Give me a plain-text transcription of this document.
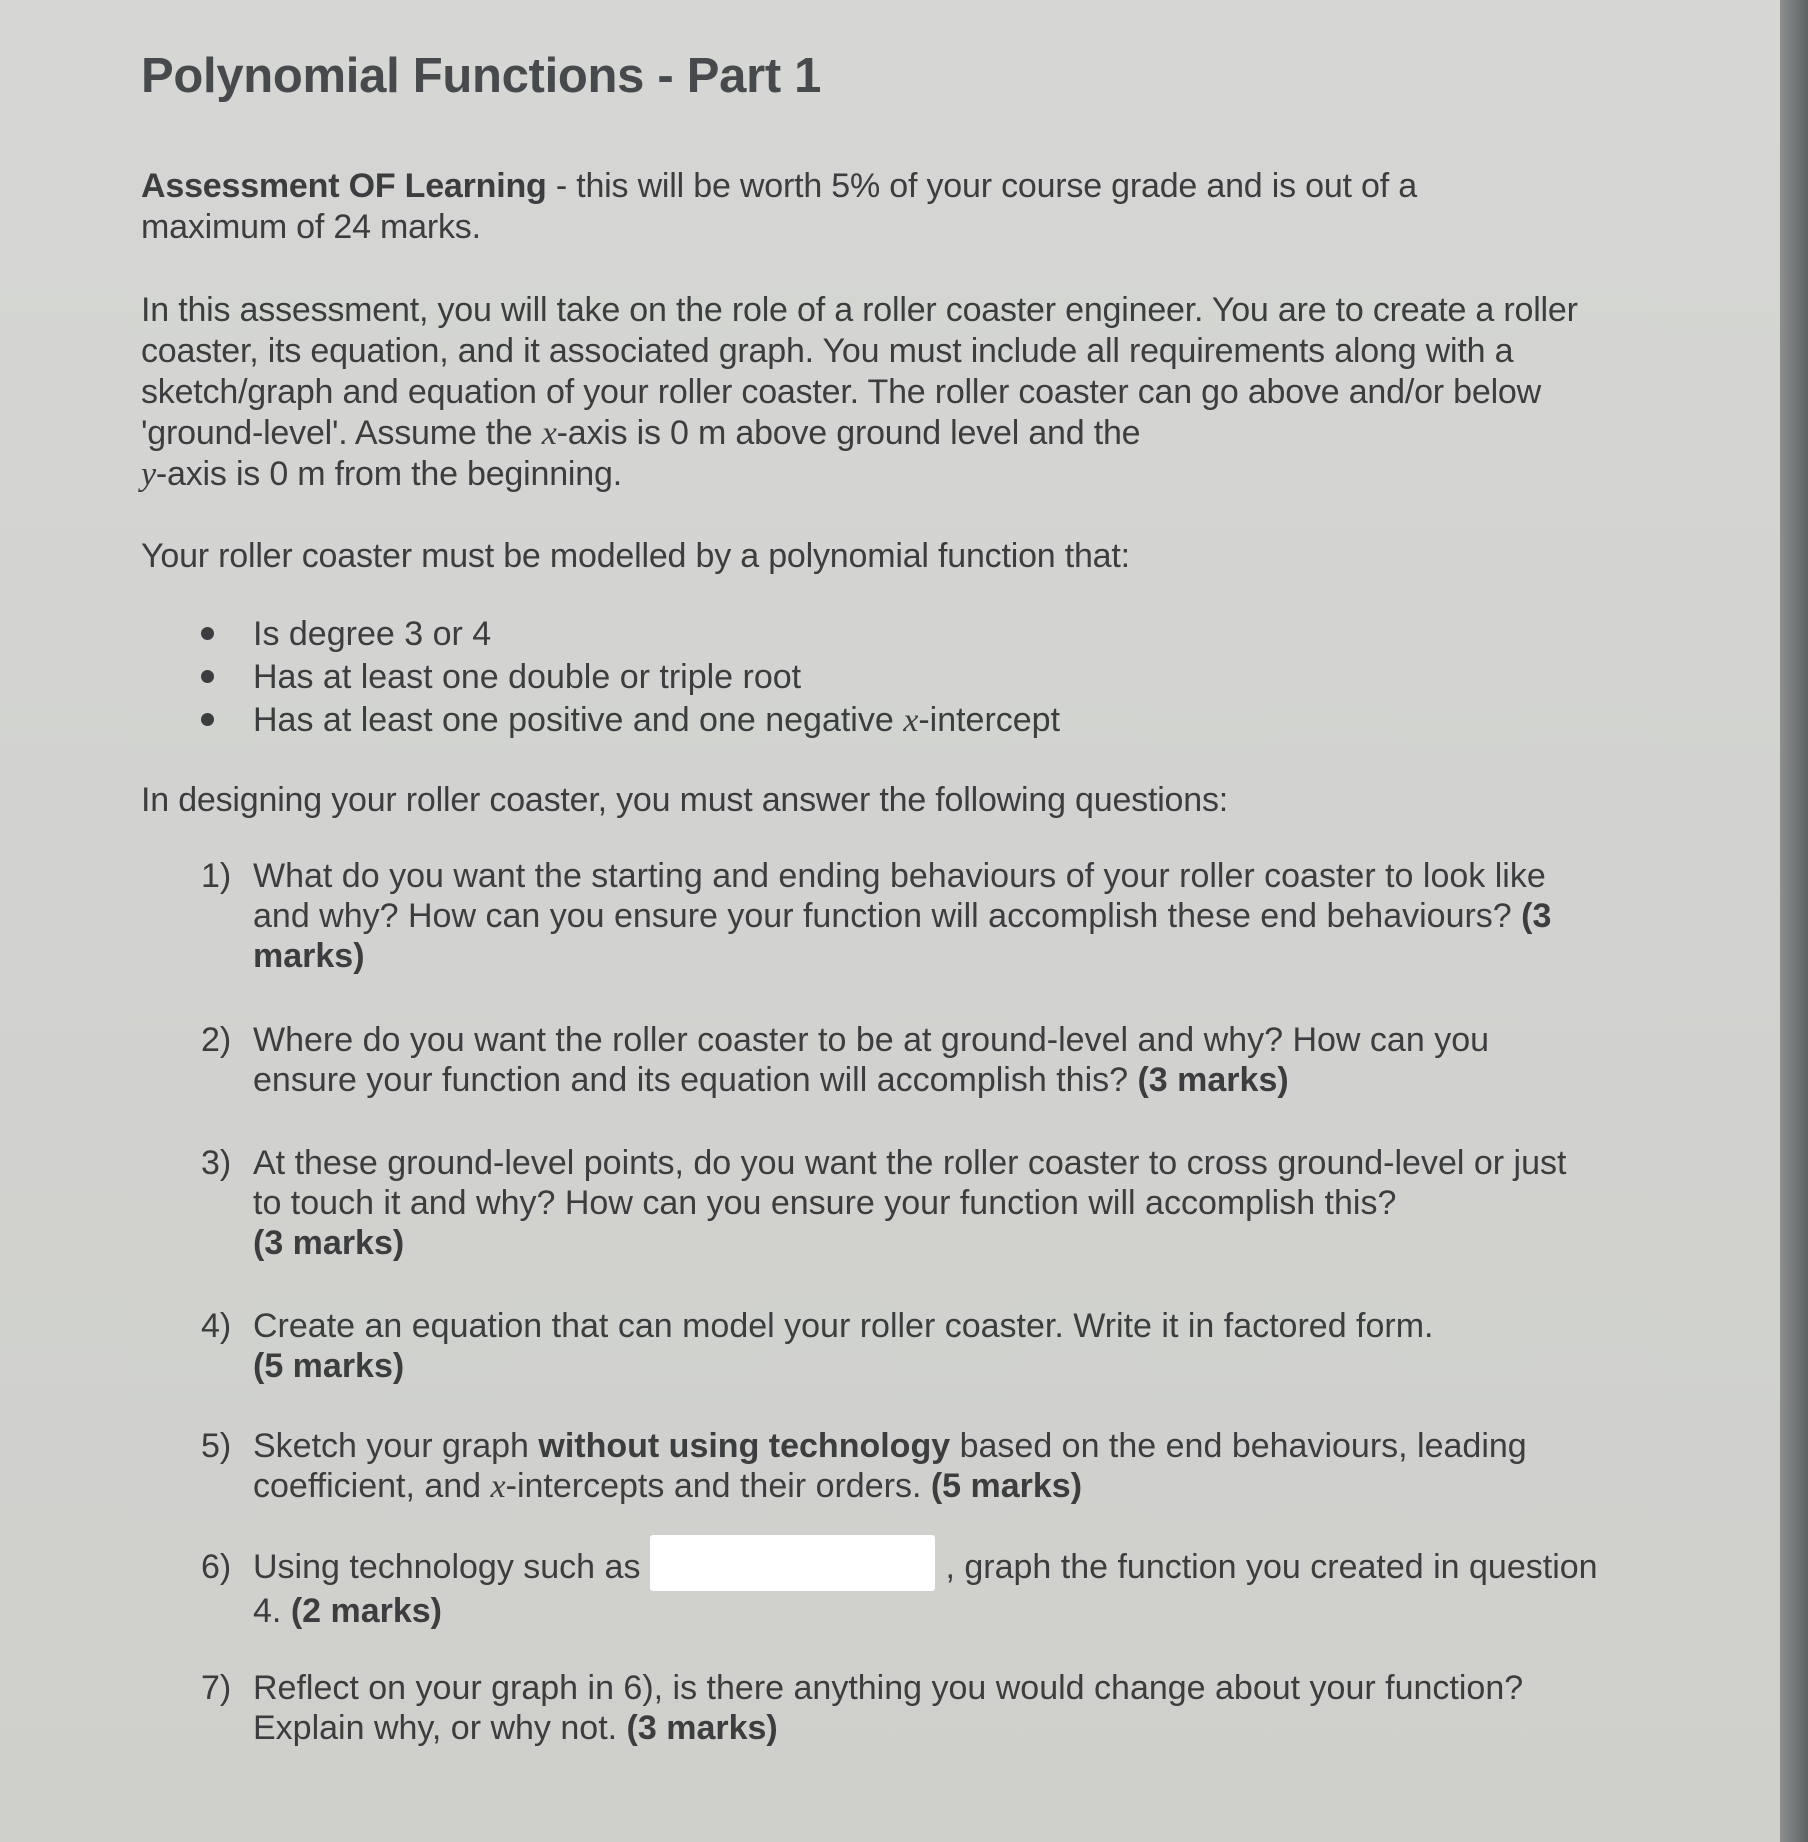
Polynomial Functions - Part 1

Assessment OF Learning - this will be worth 5% of your course grade and is out of a
maximum of 24 marks.

In this assessment, you will take on the role of a roller coaster engineer. You are to create a roller coaster, its equation, and it associated graph. You must include all requirements along with a sketch/graph and equation of your roller coaster. The roller coaster can go above and/or below 'ground-level'. Assume the x-axis is 0 m above ground level and the
y-axis is 0 m from the beginning.

Your roller coaster must be modelled by a polynomial function that:

Is degree 3 or 4
Has at least one double or triple root
Has at least one positive and one negative x-intercept

In designing your roller coaster, you must answer the following questions:

1) What do you want the starting and ending behaviours of your roller coaster to look like and why? How can you ensure your function will accomplish these end behaviours? (3 marks)
2) Where do you want the roller coaster to be at ground-level and why? How can you ensure your function and its equation will accomplish this? (3 marks)
3) At these ground-level points, do you want the roller coaster to cross ground-level or just to touch it and why? How can you ensure your function will accomplish this?
(3 marks)
4) Create an equation that can model your roller coaster. Write it in factored form.
(5 marks)
5) Sketch your graph without using technology based on the end behaviours, leading coefficient, and x-intercepts and their orders. (5 marks)
6) Using technology such as	, graph the function you created in question 4. (2 marks)
7) Reflect on your graph in 6), is there anything you would change about your function? Explain why, or why not. (3 marks)
